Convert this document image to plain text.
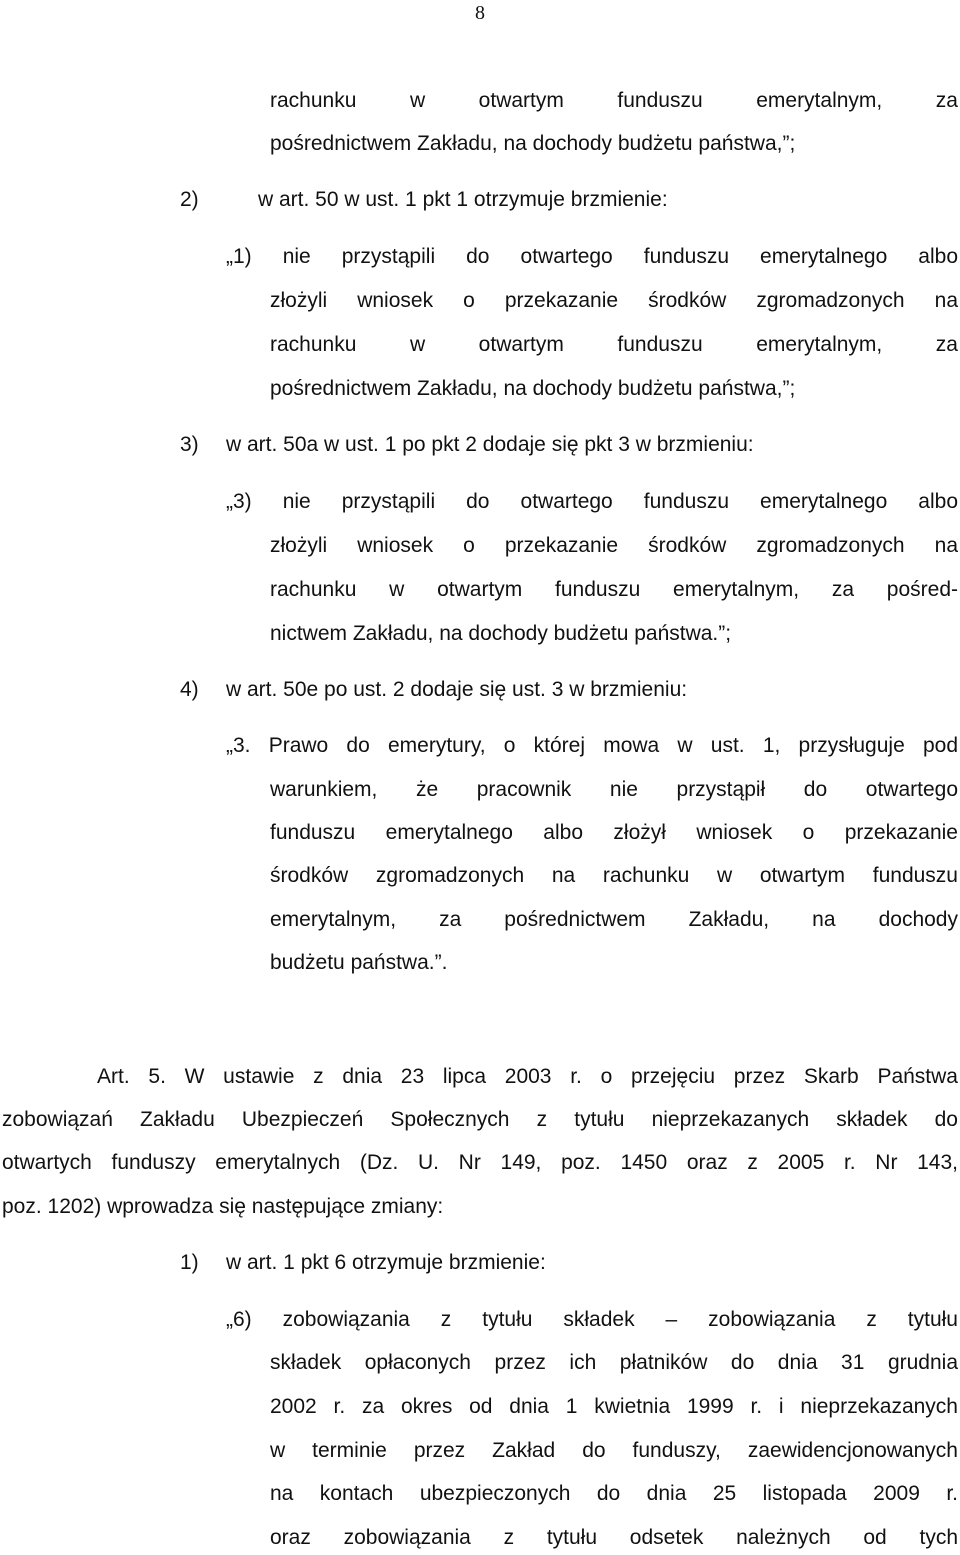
8
rachunku w otwartym funduszu emerytalnym, za
pośrednictwem Zakładu, na dochody budżetu państwa,”;
2)	w art. 50 w ust. 1 pkt 1 otrzymuje brzmienie:
„1) nie przystąpili do otwartego funduszu emerytalnego albo
złożyli wniosek o przekazanie środków zgromadzonych na
rachunku w otwartym funduszu emerytalnym, za
pośrednictwem Zakładu, na dochody budżetu państwa,”;
3) w art. 50a w ust. 1 po pkt 2 dodaje się pkt 3 w brzmieniu:
„3) nie przystąpili do otwartego funduszu emerytalnego albo
złożyli wniosek o przekazanie środków zgromadzonych na
rachunku w otwartym funduszu emerytalnym, za pośred-
nictwem Zakładu, na dochody budżetu państwa.”;
4) w art. 50e po ust. 2 dodaje się ust. 3 w brzmieniu:
„3. Prawo do emerytury, o której mowa w ust. 1, przysługuje pod
warunkiem, że pracownik nie przystąpił do otwartego
funduszu emerytalnego albo złożył wniosek o przekazanie
środków zgromadzonych na rachunku w otwartym funduszu
emerytalnym, za pośrednictwem Zakładu, na dochody
budżetu państwa.”.
Art. 5. W ustawie z dnia 23 lipca 2003 r. o przejęciu przez Skarb Państwa
zobowiązań Zakładu Ubezpieczeń Społecznych z tytułu nieprzekazanych składek do
otwartych funduszy emerytalnych (Dz. U. Nr 149, poz. 1450 oraz z 2005 r. Nr 143,
poz. 1202) wprowadza się następujące zmiany:
1) w art. 1 pkt 6 otrzymuje brzmienie:
„6) zobowiązania z tytułu składek – zobowiązania z tytułu
składek opłaconych przez ich płatników do dnia 31 grudnia
2002 r. za okres od dnia 1 kwietnia 1999 r. i nieprzekazanych
w terminie przez Zakład do funduszy, zaewidencjonowanych
na kontach ubezpieczonych do dnia 25 listopada 2009 r.
oraz zobowiązania z tytułu odsetek należnych od tych
